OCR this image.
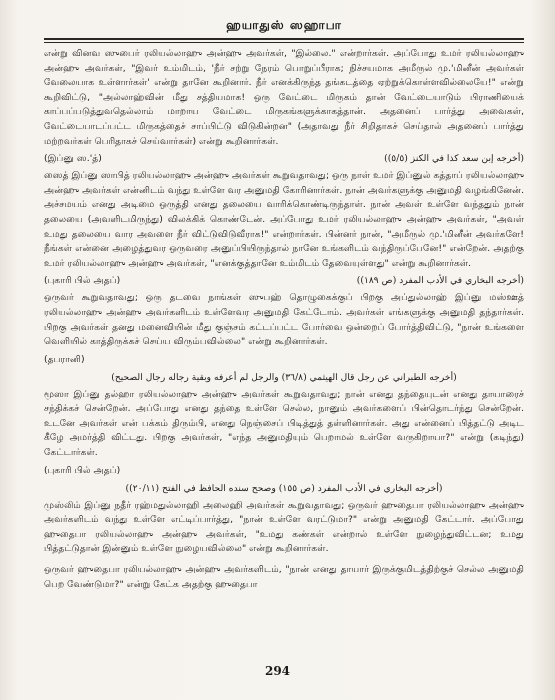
ஹயாதுஸ் ஸஹாபா

என்று வினவ ஸுபைர் ரலியல்லாஹு அன்ஹு அவர்கள், "இல்லை." என்றார்கள். அப்போது உமர் ரலியல்லாஹு அன்ஹு அவர்கள், "இவர் உம்மிடம், 'நீர் சற்று நேரம் பொறுப்பீராக; நிச்சயமாக அமீருல் மு.'மினீன் அவர்கள் வேலையாக உள்ளார்கள்' என்று தானே கூறினார். நீர் எனக்கிருந்த தங்கடத்தை ஏற்றுக்கொள்ளவில்லையே!" என்று கூறிவிட்டு, "அல்லாஹ்வின் மீது சத்தியமாக! ஒரு வேட்டை மிருகம் தான் வேட்டையாடும் பிராணியைக் காப்பப்படுத்துவதெல்லாம் மாறாய வேட்டை மிருகங்களுக்காகத்தான். அதனைப் பார்த்து அவைகள், வேட்டையாடப்பட்ட மிருகத்தைச் சாப்பிட்டு விடுகின்றன" (அதாவது நீர் சிறிதாகச் செய்தால் அதனைப் பார்த்து மற்றவர்கள் பெரிதாகச் செய்வார்கள்) என்று கூறினார்கள்.

(இப்னு ஸ.'த்)	(أخرجه إبن سعد كذا في الكنز (٥/٥))

ஸைத் இப்னு ஸாபித் ரலியல்லாஹு அன்ஹு அவர்கள் கூறுவதாவது; ஒரு நாள் உமர் இப்னுல் கத்தாப் ரலியல்லாஹு அன்ஹு அவர்கள் என்னிடம் வந்து உள்ளே வர அனுமதி கோரினார்கள். நான் அவர்களுக்கு அனுமதி வழங்கினேன். அச்சமயம் எனது அடிமை ஒருத்தி எனது தலையை வாரிக்கொண்டிருந்தாள். நான் அவள் உள்ளே வந்ததும் நான் தலையை (அவளிடமிருந்து) விலக்கிக் கொண்டேன். அப்போது உமர் ரலியல்லாஹு அன்ஹு அவர்கள், "அவள் உமது தலையை வார அவளை நீர் விட்டுவிடுவீராக!" என்றார்கள். பின்னர் நான், "அமீருல் மு.'மினீன் அவர்களே! நீங்கள் என்னை அழைத்துவர ஒருவரை அனுப்பியிருந்தால் நானே உங்களிடம் வந்திருப்பேனே!" என்றேன். அதற்கு உமர் ரலியல்லாஹு அன்ஹு அவர்கள், "எனக்குத்தானே உம்மிடம் தேவையுள்ளது" என்று கூறினார்கள்.

(புகாரி பில் அதப்)	(أخرجه البخاري في الأدب المفرد (ص ١٨٩))

ஒருவர் கூறுவதாவது; ஒரு தடவை நாங்கள் ஸுபஹ் தொழுகைக்குப் பிறகு அப்துல்லாஹ் இப்னு மஸ்ஊத் ரலியல்லாஹு அன்ஹு அவர்களிடம் உள்ளேவர அனுமதி கேட்டோம். அவர்கள் எங்களுக்கு அனுமதி தந்தார்கள். பிறகு அவர்கள் தனது மனைவியின் மீது குஞ்சம் கட்டப்பட்ட போர்வை ஒன்றைப் போர்த்திவிட்டு, "நான் உங்களை வெளியில் காத்திருக்கச் செய்ய விரும்பவில்லை" என்று கூறினார்கள்.

(தபரானி)
(أخرجه الطبراني عن رجل قال الهيثمي (٣٦/٨) والرجل لم أعرفه وبقية رجاله رجال الصحيح)

மூஸா இப்னு தல்ஹா ரலியல்லாஹு அன்ஹு அவர்கள் கூறுவதாவது; நான் எனது தந்தையுடன் எனது தாயாரைச் சந்திக்கச் சென்றேன். அப்போது எனது தந்தை உள்ளே செல்ல, நானும் அவர்களைப் பின்தொடர்ந்து சென்றேன். உடனே அவர்கள் என் பக்கம் திரும்பி, எனது நெஞ்சைப் பிடித்துத் தள்ளினார்கள். அது என்னைப் பித்தட்டு அடிட கீழே அமர்த்தி விட்டது. பிறகு அவர்கள், "எந்த அனுமதியும் பெறாமல் உள்ளே வருகிறாயா?" என்று (கடிந்து) கேட்டார்கள்.

(புகாரி பில் அதப்)
(أخرجه البخاري في الأدب المفرد (ص ١٥٥) وصحح سنده الحافظ في الفتح (٢٠/١١))

முஸ்லிம் இப்னு நதீர் ரஹ்மதுல்லாஹி அலைஹி அவர்கள் கூறுவதாவது; ஒருவர் ஹுதைபா ரலியல்லாஹு அன்ஹு அவர்களிடம் வந்து உள்ளே எட்டிப்பார்த்து, "நான் உள்ளே வரட்டுமா?" என்று அனுமதி கேட்டார். அப்போது ஹுதைபா ரலியல்லாஹு அன்ஹு அவர்கள், "உமது கண்கள் என்றால் உள்ளே நுழைந்துவிட்டன; உமது பித்தட்டுதான் இன்னும் உள்ளே நுழையவில்லை" என்று கூறினார்கள்.

ஒருவர் ஹுதைபா ரலியல்லாஹு அன்ஹு அவர்களிடம், "நான் எனது தாயார் இருக்குமிடத்திற்குச் செல்ல அனுமதி பெற வேண்டுமா?" என்று கேட்க அதற்கு ஹுதைபா

294
